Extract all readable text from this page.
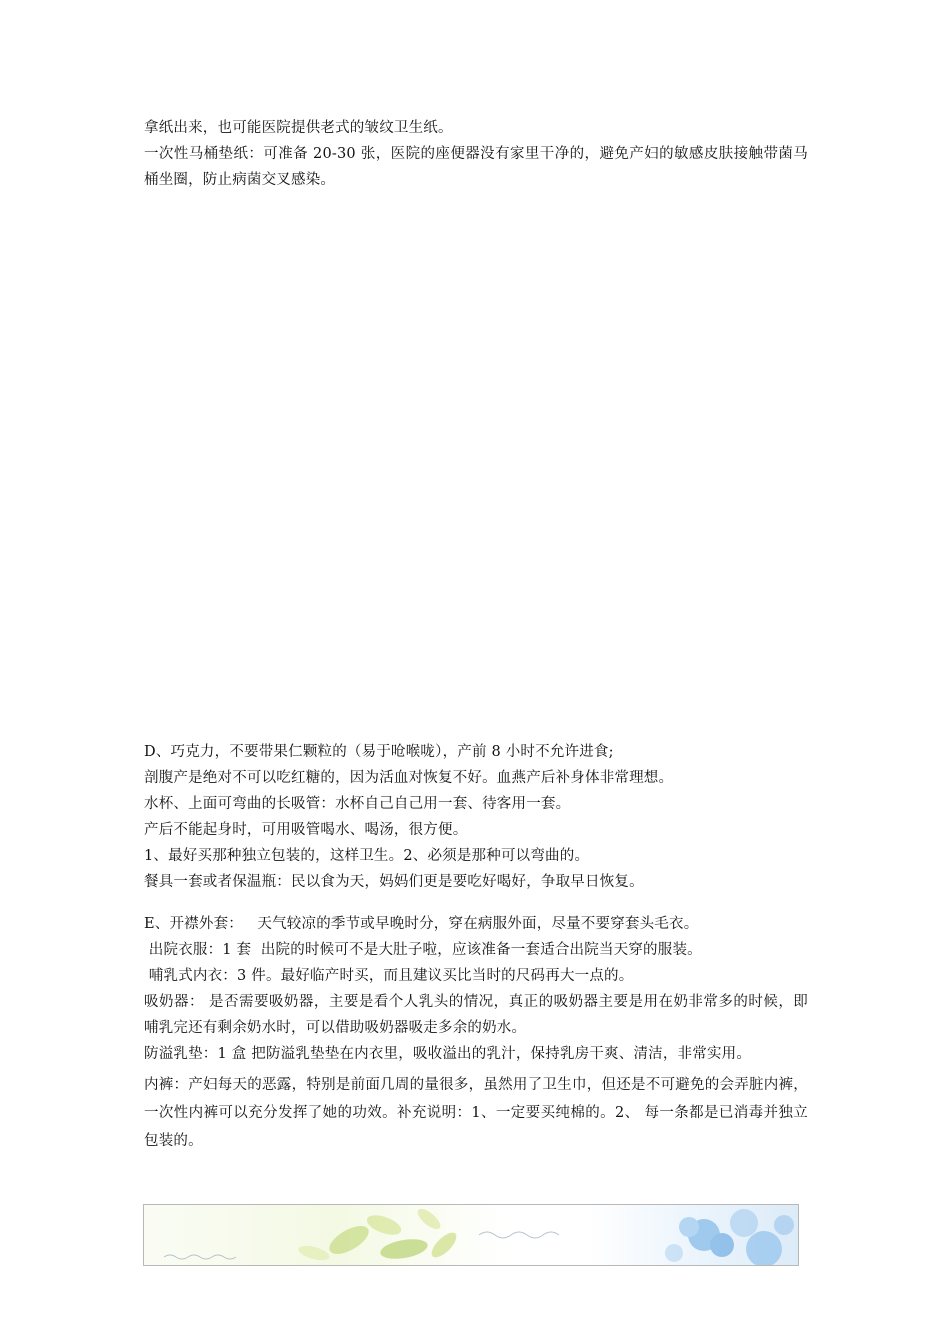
拿纸出来，也可能医院提供老式的皱纹卫生纸。
一次性马桶垫纸：可准备 20-30 张，医院的座便器没有家里干净的，避免产妇的敏感皮肤接触带菌马桶坐圈，防止病菌交叉感染。
D、巧克力，不要带果仁颗粒的（易于呛喉咙），产前 8 小时不允许进食;
剖腹产是绝对不可以吃红糖的，因为活血对恢复不好。血燕产后补身体非常理想。
水杯、上面可弯曲的长吸管：水杯自己自己用一套、待客用一套。
产后不能起身时，可用吸管喝水、喝汤，很方便。
1、最好买那种独立包装的，这样卫生。2、必须是那种可以弯曲的。
餐具一套或者保温瓶：民以食为天，妈妈们更是要吃好喝好，争取早日恢复。
E、开襟外套：   天气较凉的季节或早晚时分，穿在病服外面，尽量不要穿套头毛衣。
出院衣服：1 套  出院的时候可不是大肚子啦，应该准备一套适合出院当天穿的服装。
哺乳式内衣：3 件。最好临产时买，而且建议买比当时的尺码再大一点的。
吸奶器： 是否需要吸奶器，主要是看个人乳头的情况，真正的吸奶器主要是用在奶非常多的时候，即哺乳完还有剩余奶水时，可以借助吸奶器吸走多余的奶水。
防溢乳垫：1 盒 把防溢乳垫垫在内衣里，吸收溢出的乳汁，保持乳房干爽、清洁，非常实用。
内裤：产妇每天的恶露，特别是前面几周的量很多，虽然用了卫生巾，但还是不可避免的会弄脏内裤，一次性内裤可以充分发挥了她的功效。补充说明：1、一定要买纯棉的。2、 每一条都是已消毒并独立包装的。
